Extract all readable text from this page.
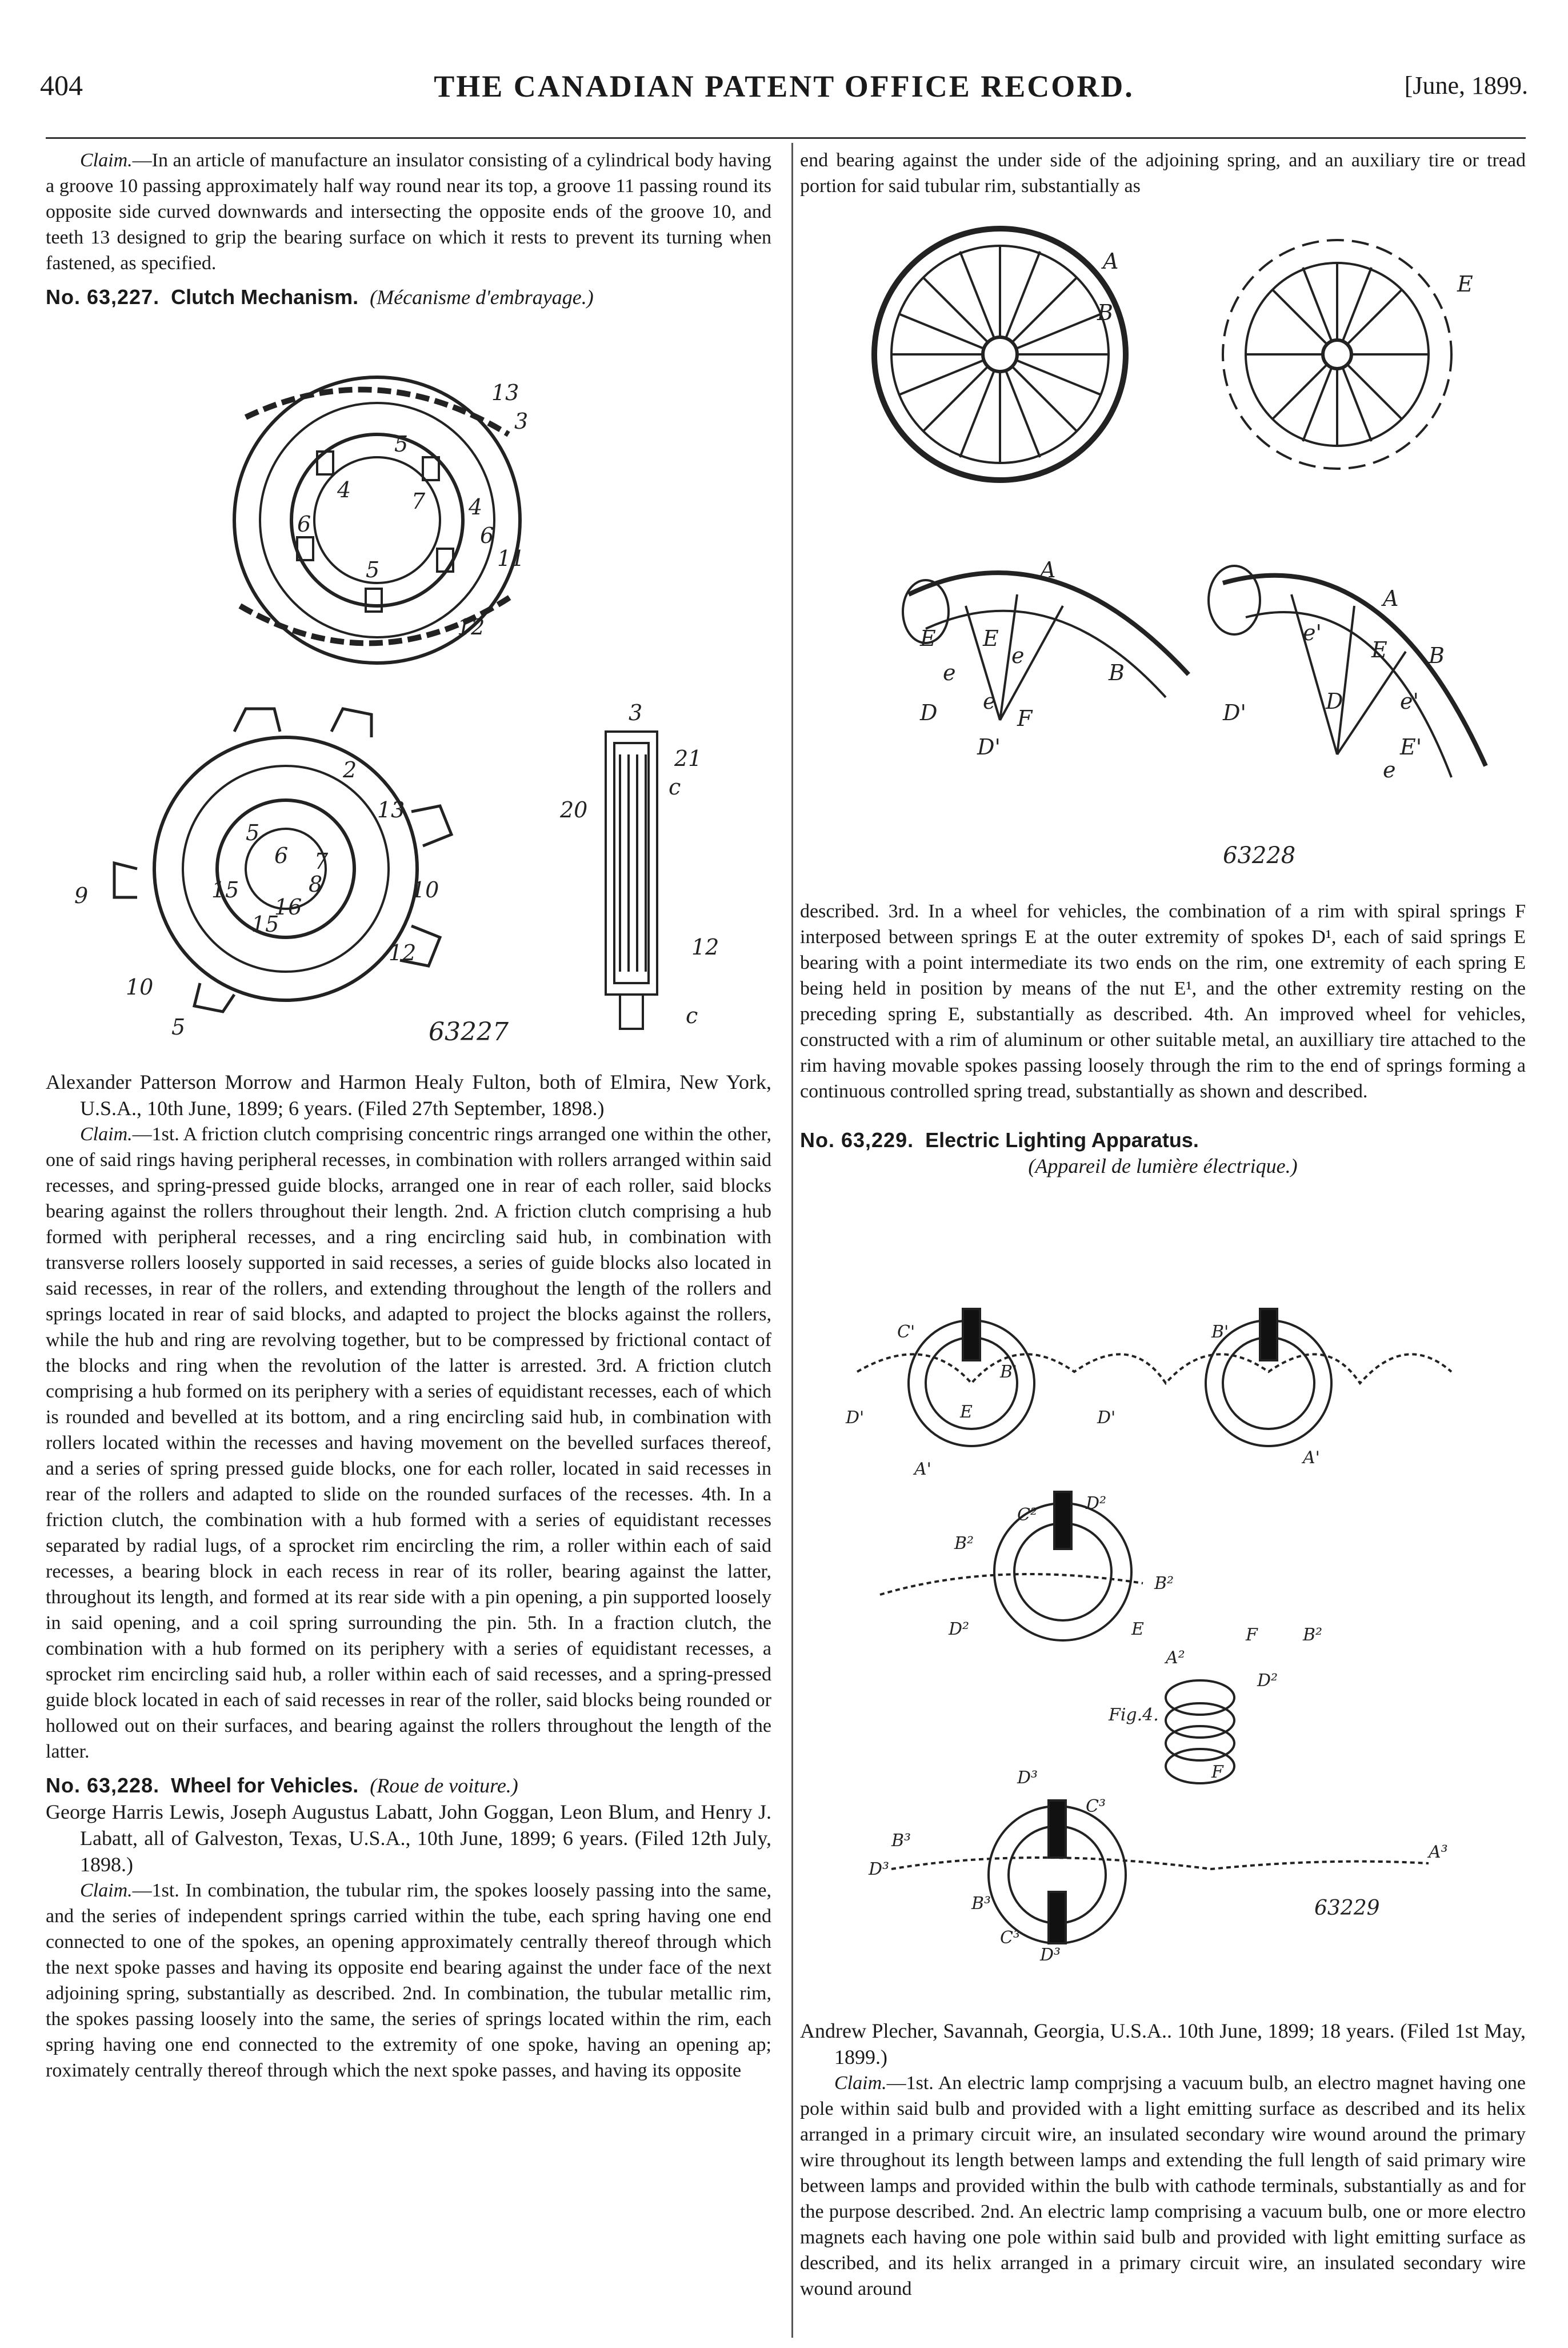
404	THE CANADIAN PATENT OFFICE RECORD.	[June, 1899.

Claim.—In an article of manufacture an insulator consisting of a cylindrical body having a groove 10 passing approximately half way round near its top, a groove 11 passing round its opposite side curved downwards and intersecting the opposite ends of the groove 10, and teeth 13 designed to grip the bearing surface on which it rests to prevent its turning when fastened, as specified.

No. 63,227. Clutch Mechanism. (Mécanisme d'embrayage.)

13
3
5
4	7 4
6	6
11
5
12
3
2
13
5
6 7
8	10
15
16
15
9
12
10
5
21
20
c
12
c
63227

Alexander Patterson Morrow and Harmon Healy Fulton, both of Elmira, New York, U.S.A., 10th June, 1899; 6 years. (Filed 27th September, 1898.)

Claim.—1st. A friction clutch comprising concentric rings arranged one within the other, one of said rings having peripheral recesses, in combination with rollers arranged within said recesses, and spring-pressed guide blocks, arranged one in rear of each roller, said blocks bearing against the rollers throughout their length. 2nd. A friction clutch comprising a hub formed with peripheral recesses, and a ring encircling said hub, in combination with transverse rollers loosely supported in said recesses, a series of guide blocks also located in said recesses, in rear of the rollers, and extending throughout the length of the rollers and springs located in rear of said blocks, and adapted to project the blocks against the rollers, while the hub and ring are revolving together, but to be compressed by frictional contact of the blocks and ring when the revolution of the latter is arrested. 3rd. A friction clutch comprising a hub formed on its periphery with a series of equidistant recesses, each of which is rounded and bevelled at its bottom, and a ring encircling said hub, in combination with rollers located within the recesses and having movement on the bevelled surfaces thereof, and a series of spring pressed guide blocks, one for each roller, located in said recesses in rear of the rollers and adapted to slide on the rounded surfaces of the recesses. 4th. In a friction clutch, the combination with a hub formed with a series of equidistant recesses separated by radial lugs, of a sprocket rim encircling the rim, a roller within each of said recesses, a bearing block in each recess in rear of its roller, bearing against the latter, throughout its length, and formed at its rear side with a pin opening, a pin supported loosely in said opening, and a coil spring surrounding the pin. 5th. In a fraction clutch, the combination with a hub formed on its periphery with a series of equidistant recesses, a sprocket rim encircling said hub, a roller within each of said recesses, and a spring-pressed guide block located in each of said recesses in rear of the roller, said blocks being rounded or hollowed out on their surfaces, and bearing against the rollers throughout the length of the latter.

No. 63,228. Wheel for Vehicles. (Roue de voiture.)

George Harris Lewis, Joseph Augustus Labatt, John Goggan, Leon Blum, and Henry J. Labatt, all of Galveston, Texas, U.S.A., 10th June, 1899; 6 years. (Filed 12th July, 1898.)

Claim.—1st. In combination, the tubular rim, the spokes loosely passing into the same, and the series of independent springs carried within the tube, each spring having one end connected to one of the spokes, an opening approximately centrally thereof through which the next spoke passes and having its opposite end bearing against the under face of the next adjoining spring, substantially as described. 2nd. In combination, the tubular metallic rim, the spokes passing loosely into the same, the series of springs located within the rim, each spring having one end connected to the extremity of one spoke, having an opening ap; roximately centrally thereof through which the next spoke passes, and having its opposite

end bearing against the under side of the adjoining spring, and an auxiliary tire or tread portion for said tubular rim, substantially as

A
B
E
A
E E
e
e
B
D e
F
D'
A
e'
E B
D'	D	e'
E'
e
63228

described. 3rd. In a wheel for vehicles, the combination of a rim with spiral springs F interposed between springs E at the outer extremity of spokes D¹, each of said springs E bearing with a point intermediate its two ends on the rim, one extremity of each spring E being held in position by means of the nut E¹, and the other extremity resting on the preceding spring E, substantially as described. 4th. An improved wheel for vehicles, constructed with a rim of aluminum or other suitable metal, an auxilliary tire attached to the rim having movable spokes passing loosely through the rim to the end of springs forming a continuous controlled spring tread, substantially as shown and described.

No. 63,229. Electric Lighting Apparatus.

(Appareil de lumière électrique.)

C'
B'
B'
E
D'	D'
A'
A'
D²
C²
B²
B²
D²	E	F	B²
A²
Fig.4.
D²
F
D³
C³
B³
D³
B³
A³
D³
C³
63229

Andrew Plecher, Savannah, Georgia, U.S.A.. 10th June, 1899; 18 years. (Filed 1st May, 1899.)

Claim.—1st. An electric lamp comprjsing a vacuum bulb, an electro magnet having one pole within said bulb and provided with a light emitting surface as described and its helix arranged in a primary circuit wire, an insulated secondary wire wound around the primary wire throughout its length between lamps and extending the full length of said primary wire between lamps and provided within the bulb with cathode terminals, substantially as and for the purpose described. 2nd. An electric lamp comprising a vacuum bulb, one or more electro magnets each having one pole within said bulb and provided with light emitting surface as described, and its helix arranged in a primary circuit wire, an insulated secondary wire wound around
